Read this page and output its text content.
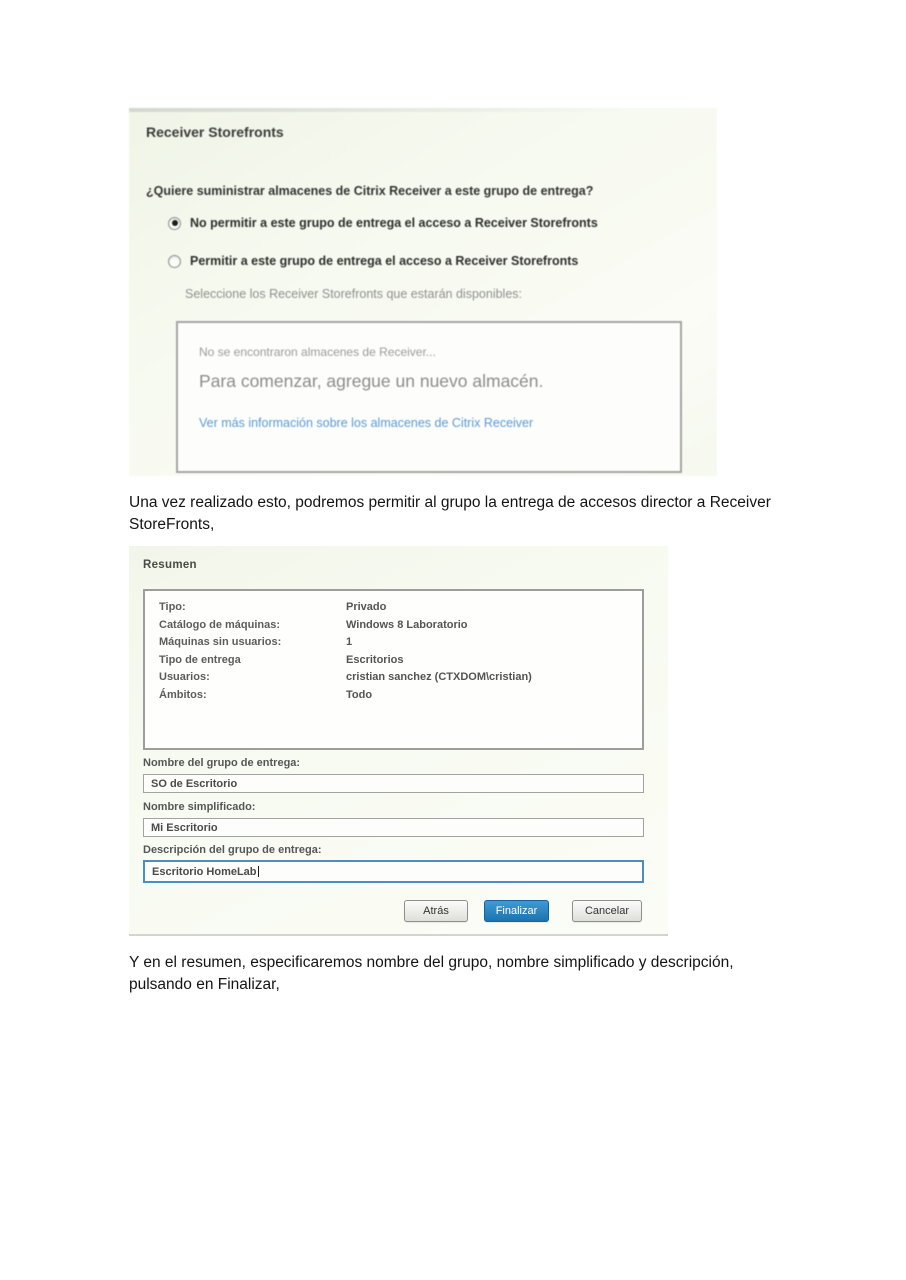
Receiver Storefronts
¿Quiere suministrar almacenes de Citrix Receiver a este grupo de entrega?
No permitir a este grupo de entrega el acceso a Receiver Storefronts
Permitir a este grupo de entrega el acceso a Receiver Storefronts
Seleccione los Receiver Storefronts que estarán disponibles:
No se encontraron almacenes de Receiver...
Para comenzar, agregue un nuevo almacén.
Ver más información sobre los almacenes de Citrix Receiver

Una vez realizado esto, podremos permitir al grupo la entrega de accesos director a Receiver StoreFronts,

Resumen
Tipo:	Privado
Catálogo de máquinas:	Windows 8 Laboratorio
Máquinas sin usuarios:	1
Tipo de entrega	Escritorios
Usuarios:	cristian sanchez (CTXDOM\cristian)
Ámbitos:	Todo
Nombre del grupo de entrega:
SO de Escritorio
Nombre simplificado:
Mi Escritorio
Descripción del grupo de entrega:
Escritorio HomeLab
Atrás	Finalizar	Cancelar

Y en el resumen, especificaremos nombre del grupo, nombre simplificado y descripción, pulsando en Finalizar,
